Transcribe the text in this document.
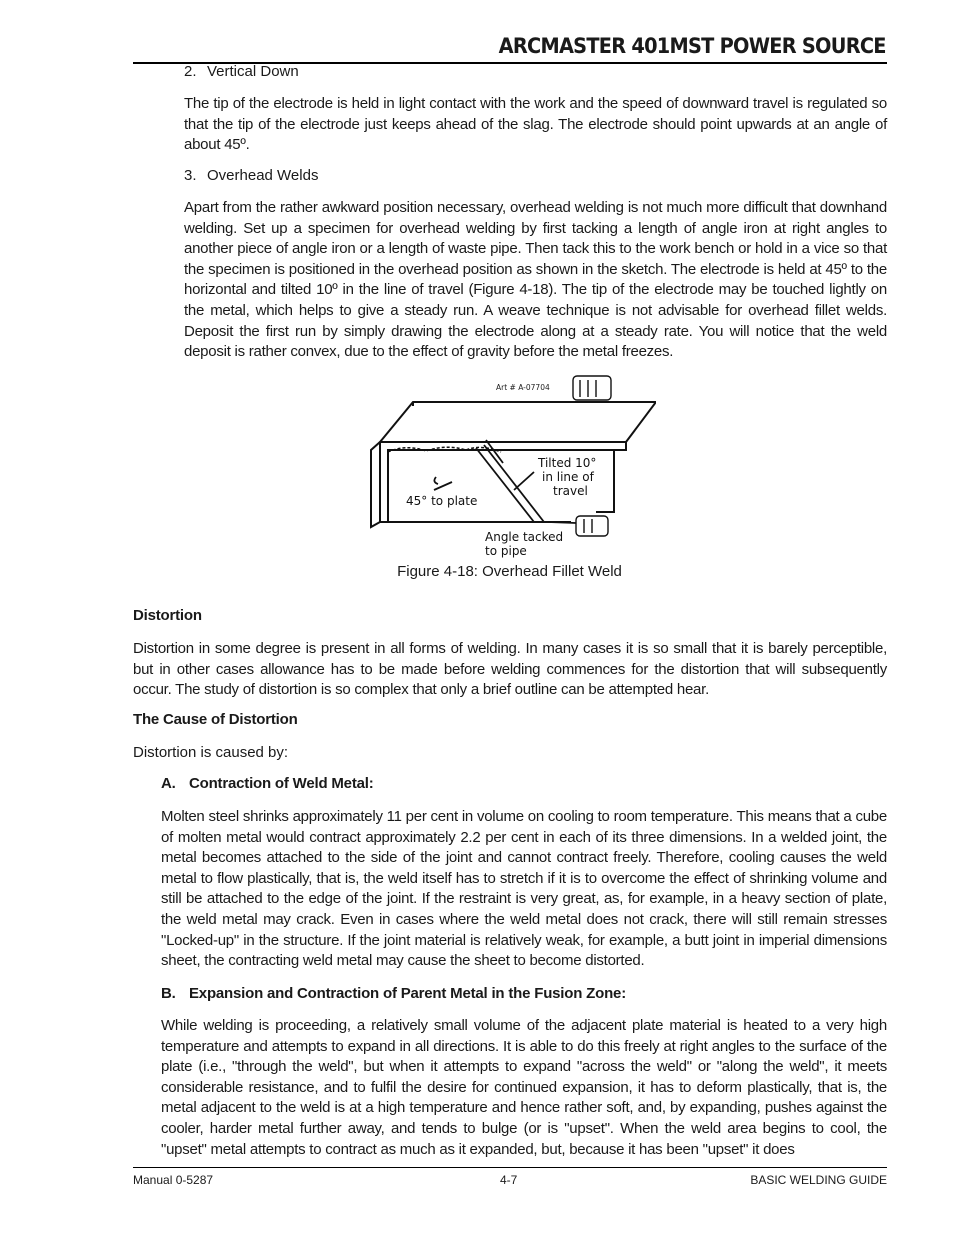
ARCMASTER 401MST POWER SOURCE

2. Vertical Down

The tip of the electrode is held in light contact with the work and the speed of downward travel is regulated so that the tip of the electrode just keeps ahead of the slag. The electrode should point upwards at an angle of about 45º.

3. Overhead Welds

Apart from the rather awkward position necessary, overhead welding is not much more difficult that downhand welding. Set up a specimen for overhead welding by first tacking a length of angle iron at right angles to another piece of angle iron or a length of waste pipe. Then tack this to the work bench or hold in a vice so that the specimen is positioned in the overhead position as shown in the sketch. The electrode is held at 45º to the horizontal and tilted 10º in the line of travel (Figure 4-18). The tip of the electrode may be touched lightly on the metal, which helps to give a steady run. A weave technique is not advisable for overhead fillet welds. Deposit the first run by simply drawing the electrode along at a steady rate. You will notice that the weld deposit is rather convex, due to the effect of gravity before the metal freezes.

Art # A-07704
Tilted 10°
in line of
travel
45° to plate
Angle tacked
to pipe

Figure 4-18: Overhead Fillet Weld

Distortion

Distortion in some degree is present in all forms of welding. In many cases it is so small that it is barely perceptible, but in other cases allowance has to be made before welding commences for the distortion that will subsequently occur. The study of distortion is so complex that only a brief outline can be attempted hear.

The Cause of Distortion

Distortion is caused by:

A. Contraction of Weld Metal:

Molten steel shrinks approximately 11 per cent in volume on cooling to room temperature. This means that a cube of molten metal would contract approximately 2.2 per cent in each of its three dimensions. In a welded joint, the metal becomes attached to the side of the joint and cannot contract freely. Therefore, cooling causes the weld metal to flow plastically, that is, the weld itself has to stretch if it is to overcome the effect of shrinking volume and still be attached to the edge of the joint. If the restraint is very great, as, for example, in a heavy section of plate, the weld metal may crack. Even in cases where the weld metal does not crack, there will still remain stresses "Locked-up" in the structure. If the joint material is relatively weak, for example, a butt joint in imperial dimensions sheet, the contracting weld metal may cause the sheet to become distorted.

B. Expansion and Contraction of Parent Metal in the Fusion Zone:

While welding is proceeding, a relatively small volume of the adjacent plate material is heated to a very high temperature and attempts to expand in all directions. It is able to do this freely at right angles to the surface of the plate (i.e., "through the weld", but when it attempts to expand "across the weld" or "along the weld", it meets considerable resistance, and to fulfil the desire for continued expansion, it has to deform plastically, that is, the metal adjacent to the weld is at a high temperature and hence rather soft, and, by expanding, pushes against the cooler, harder metal further away, and tends to bulge (or is "upset". When the weld area begins to cool, the "upset" metal attempts to contract as much as it expanded, but, because it has been "upset" it does

Manual 0-5287	4-7	BASIC WELDING GUIDE
